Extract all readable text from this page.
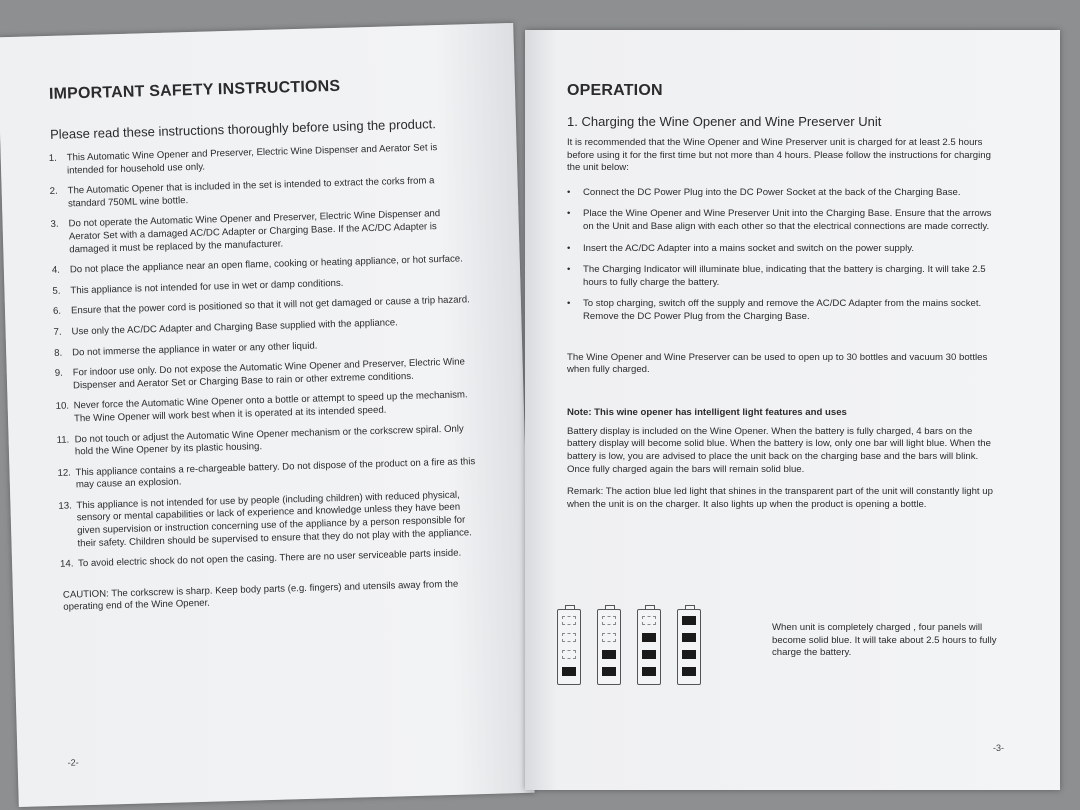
IMPORTANT SAFETY INSTRUCTIONS

Please read these instructions thoroughly before using the product.

1. This Automatic Wine Opener and Preserver, Electric Wine Dispenser and Aerator Set is intended for household use only.
2. The Automatic Opener that is included in the set is intended to extract the corks from a standard 750ML wine bottle.
3. Do not operate the Automatic Wine Opener and Preserver, Electric Wine Dispenser and Aerator Set with a damaged AC/DC Adapter or Charging Base. If the AC/DC Adapter is damaged it must be replaced by the manufacturer.
4. Do not place the appliance near an open flame, cooking or heating appliance, or hot surface.
5. This appliance is not intended for use in wet or damp conditions.
6. Ensure that the power cord is positioned so that it will not get damaged or cause a trip hazard.
7. Use only the AC/DC Adapter and Charging Base supplied with the appliance.
8. Do not immerse the appliance in water or any other liquid.
9. For indoor use only. Do not expose the Automatic Wine Opener and Preserver, Electric Wine Dispenser and Aerator Set or Charging Base to rain or other extreme conditions.
10. Never force the Automatic Wine Opener onto a bottle or attempt to speed up the mechanism. The Wine Opener will work best when it is operated at its intended speed.
11. Do not touch or adjust the Automatic Wine Opener mechanism or the corkscrew spiral. Only hold the Wine Opener by its plastic housing.
12. This appliance contains a re-chargeable battery. Do not dispose of the product on a fire as this may cause an explosion.
13. This appliance is not intended for use by people (including children) with reduced physical, sensory or mental capabilities or lack of experience and knowledge unless they have been given supervision or instruction concerning use of the appliance by a person responsible for their safety. Children should be supervised to ensure that they do not play with the appliance.
14. To avoid electric shock do not open the casing. There are no user serviceable parts inside.

CAUTION: The corkscrew is sharp. Keep body parts (e.g. fingers) and utensils away from the operating end of the Wine Opener.

-2-
OPERATION
1. Charging the Wine Opener and Wine Preserver Unit

It is recommended that the Wine Opener and Wine Preserver unit is charged for at least 2.5 hours before using it for the first time but not more than 4 hours. Please follow the instructions for charging the unit below:

• Connect the DC Power Plug into the DC Power Socket at the back of the Charging Base.
• Place the Wine Opener and Wine Preserver Unit into the Charging Base. Ensure that the arrows on the Unit and Base align with each other so that the electrical connections are made correctly.
• Insert the AC/DC Adapter into a mains socket and switch on the power supply.
• The Charging Indicator will illuminate blue, indicating that the battery is charging. It will take 2.5 hours to fully charge the battery.
• To stop charging, switch off the supply and remove the AC/DC Adapter from the mains socket. Remove the DC Power Plug from the Charging Base.

The Wine Opener and Wine Preserver can be used to open up to 30 bottles and vacuum 30 bottles when fully charged.

Note: This wine opener has intelligent light features and uses

Battery display is included on the Wine Opener. When the battery is fully charged, 4 bars on the battery display will become solid blue. When the battery is low, only one bar will light blue. When the battery is low, you are advised to place the unit back on the charging base and the bars will blink. Once fully charged again the bars will remain solid blue.

Remark: The action blue led light that shines in the transparent part of the unit will constantly light up when the unit is on the charger. It also lights up when the product is opening a bottle.

When unit is completely charged , four panels will become solid blue. It will take about 2.5 hours to fully charge the battery.
-3-
